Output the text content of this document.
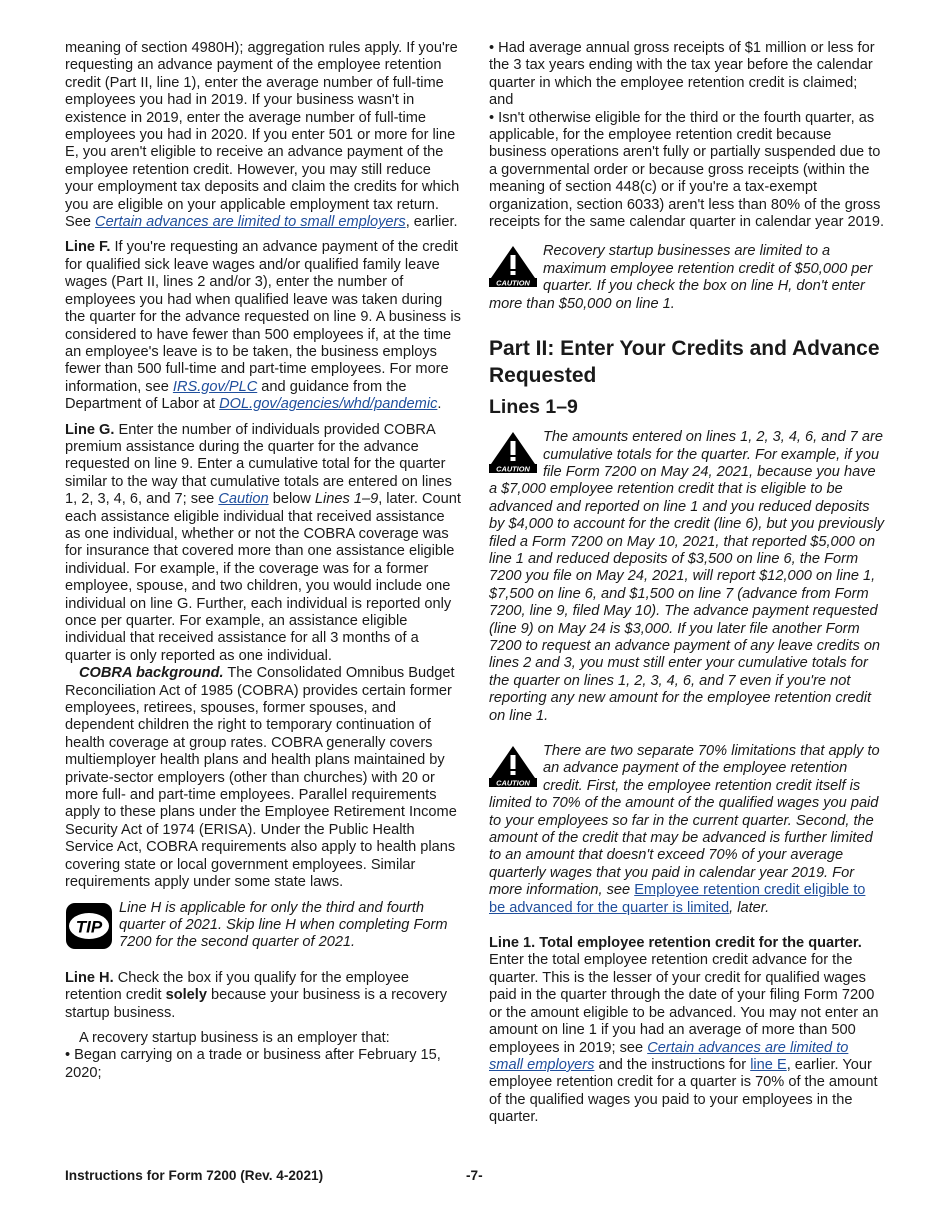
meaning of section 4980H); aggregation rules apply. If you're requesting an advance payment of the employee retention credit (Part II, line 1), enter the average number of full-time employees you had in 2019. If your business wasn't in existence in 2019, enter the average number of full-time employees you had in 2020. If you enter 501 or more for line E, you aren't eligible to receive an advance payment of the employee retention credit. However, you may still reduce your employment tax deposits and claim the credits for which you are eligible on your applicable employment tax return. See Certain advances are limited to small employers, earlier.

Line F. If you're requesting an advance payment of the credit for qualified sick leave wages and/or qualified family leave wages (Part II, lines 2 and/or 3), enter the number of employees you had when qualified leave was taken during the quarter for the advance requested on line 9. A business is considered to have fewer than 500 employees if, at the time an employee's leave is to be taken, the business employs fewer than 500 full-time and part-time employees. For more information, see IRS.gov/PLC and guidance from the Department of Labor at DOL.gov/agencies/whd/pandemic.

Line G. Enter the number of individuals provided COBRA premium assistance during the quarter for the advance requested on line 9. Enter a cumulative total for the quarter similar to the way that cumulative totals are entered on lines 1, 2, 3, 4, 6, and 7; see Caution below Lines 1–9, later. Count each assistance eligible individual that received assistance as one individual, whether or not the COBRA coverage was for insurance that covered more than one assistance eligible individual. For example, if the coverage was for a former employee, spouse, and two children, you would include one individual on line G. Further, each individual is reported only once per quarter. For example, an assistance eligible individual that received assistance for all 3 months of a quarter is only reported as one individual.

COBRA background. The Consolidated Omnibus Budget Reconciliation Act of 1985 (COBRA) provides certain former employees, retirees, spouses, former spouses, and dependent children the right to temporary continuation of health coverage at group rates. COBRA generally covers multiemployer health plans and health plans maintained by private-sector employers (other than churches) with 20 or more full- and part-time employees. Parallel requirements apply to these plans under the Employee Retirement Income Security Act of 1974 (ERISA). Under the Public Health Service Act, COBRA requirements also apply to health plans covering state or local government employees. Similar requirements apply under some state laws.

TIP
Line H is applicable for only the third and fourth quarter of 2021. Skip line H when completing Form 7200 for the second quarter of 2021.

Line H. Check the box if you qualify for the employee retention credit solely because your business is a recovery startup business.

A recovery startup business is an employer that:

• Began carrying on a trade or business after February 15, 2020;

• Had average annual gross receipts of $1 million or less for the 3 tax years ending with the tax year before the calendar quarter in which the employee retention credit is claimed; and

• Isn't otherwise eligible for the third or the fourth quarter, as applicable, for the employee retention credit because business operations aren't fully or partially suspended due to a governmental order or because gross receipts (within the meaning of section 448(c) or if you're a tax-exempt organization, section 6033) aren't less than 80% of the gross receipts for the same calendar quarter in calendar year 2019.

CAUTION
Recovery startup businesses are limited to a maximum employee retention credit of $50,000 per quarter. If you check the box on line H, don't enter more than $50,000 on line 1.
Part II: Enter Your Credits and Advance Requested
Lines 1–9
CAUTION
The amounts entered on lines 1, 2, 3, 4, 6, and 7 are cumulative totals for the quarter. For example, if you file Form 7200 on May 24, 2021, because you have a $7,000 employee retention credit that is eligible to be advanced and reported on line 1 and you reduced deposits by $4,000 to account for the credit (line 6), but you previously filed a Form 7200 on May 10, 2021, that reported $5,000 on line 1 and reduced deposits of $3,500 on line 6, the Form 7200 you file on May 24, 2021, will report $12,000 on line 1, $7,500 on line 6, and $1,500 on line 7 (advance from Form 7200, line 9, filed May 10). The advance payment requested (line 9) on May 24 is $3,000. If you later file another Form 7200 to request an advance payment of any leave credits on lines 2 and 3, you must still enter your cumulative totals for the quarter on lines 1, 2, 3, 4, 6, and 7 even if you're not reporting any new amount for the employee retention credit on line 1.
CAUTION
There are two separate 70% limitations that apply to an advance payment of the employee retention credit. First, the employee retention credit itself is limited to 70% of the amount of the qualified wages you paid to your employees so far in the current quarter. Second, the amount of the credit that may be advanced is further limited to an amount that doesn't exceed 70% of your average quarterly wages that you paid in calendar year 2019. For more information, see Employee retention credit eligible to be advanced for the quarter is limited, later.

Line 1. Total employee retention credit for the quarter. Enter the total employee retention credit advance for the quarter. This is the lesser of your credit for qualified wages paid in the quarter through the date of your filing Form 7200 or the amount eligible to be advanced. You may not enter an amount on line 1 if you had an average of more than 500 employees in 2019; see Certain advances are limited to small employers and the instructions for line E, earlier. Your employee retention credit for a quarter is 70% of the amount of the qualified wages you paid to your employees in the quarter.

Instructions for Form 7200 (Rev. 4-2021)	-7-
